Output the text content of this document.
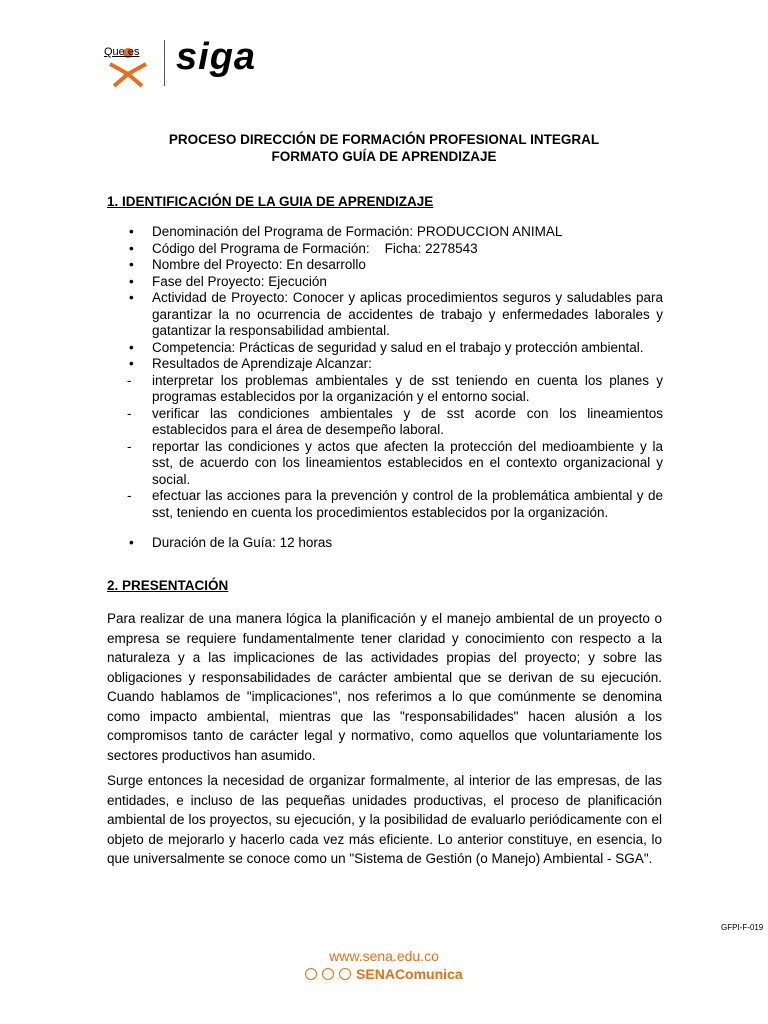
Que es siga
PROCESO DIRECCIÓN DE FORMACIÓN PROFESIONAL INTEGRAL
FORMATO GUÍA DE APRENDIZAJE
1. IDENTIFICACIÓN DE LA GUIA DE APRENDIZAJE
• Denominación del Programa de Formación: PRODUCCION ANIMAL
• Código del Programa de Formación:    Ficha: 2278543
• Nombre del Proyecto: En desarrollo
• Fase del Proyecto: Ejecución
• Actividad de Proyecto: Conocer y aplicas procedimientos seguros y saludables para garantizar la no ocurrencia de accidentes de trabajo y enfermedades laborales y gatantizar la responsabilidad ambiental.
• Competencia: Prácticas de seguridad y salud en el trabajo y protección ambiental.
• Resultados de Aprendizaje Alcanzar:
- interpretar los problemas ambientales y de sst teniendo en cuenta los planes y programas establecidos por la organización y el entorno social.
- verificar las condiciones ambientales y de sst acorde con los lineamientos establecidos para el área de desempeño laboral.
- reportar las condiciones y actos que afecten la protección del medioambiente y la sst, de acuerdo con los lineamientos establecidos en el contexto organizacional y social.
- efectuar las acciones para la prevención y control de la problemática ambiental y de sst, teniendo en cuenta los procedimientos establecidos por la organización.
• Duración de la Guía: 12 horas
2. PRESENTACIÓN

Para realizar de una manera lógica la planificación y el manejo ambiental de un proyecto o empresa se requiere fundamentalmente tener claridad y conocimiento con respecto a la naturaleza y a las implicaciones de las actividades propias del proyecto; y sobre las obligaciones y responsabilidades de carácter ambiental que se derivan de su ejecución. Cuando hablamos de "implicaciones", nos referimos a lo que comúnmente se denomina como impacto ambiental, mientras que las "responsabilidades" hacen alusión a los compromisos tanto de carácter legal y normativo, como aquellos que voluntariamente los sectores productivos han asumido.

Surge entonces la necesidad de organizar formalmente, al interior de las empresas, de las entidades, e incluso de las pequeñas unidades productivas, el proceso de planificación ambiental de los proyectos, su ejecución, y la posibilidad de evaluarlo periódicamente con el objeto de mejorarlo y hacerlo cada vez más eficiente. Lo anterior constituye, en esencia, lo que universalmente se conoce como un "Sistema de Gestión (o Manejo) Ambiental - SGA".

GFPI-F-019
www.sena.edu.co
SENAComunica
